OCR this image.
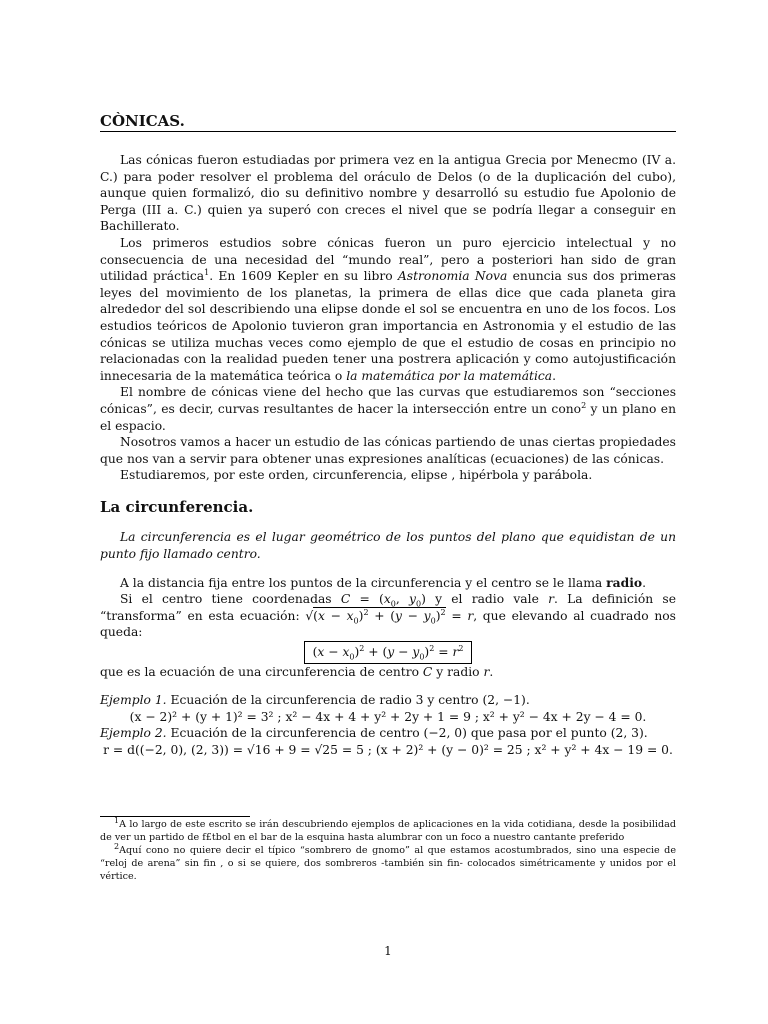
CÒNICAS.

Las cónicas fueron estudiadas por primera vez en la antigua Grecia por Menecmo (IV a. C.) para poder resolver el problema del oráculo de Delos (o de la duplicación del cubo), aunque quien formalizó, dio su definitivo nombre y desarrolló su estudio fue Apolonio de Perga (III a. C.) quien ya superó con creces el nivel que se podría llegar a conseguir en Bachillerato.

Los primeros estudios sobre cónicas fueron un puro ejercicio intelectual y no consecuencia de una necesidad del “mundo real”, pero a posteriori han sido de gran utilidad práctica$^1$. En 1609 Kepler en su libro Astronomia Nova enuncia sus dos primeras leyes del movimiento de los planetas, la primera de ellas dice que cada planeta gira alrededor del sol describiendo una elipse donde el sol se encuentra en uno de los focos. Los estudios teóricos de Apolonio tuvieron gran importancia en Astronomia y el estudio de las cónicas se utiliza muchas veces como ejemplo de que el estudio de cosas en principio no relacionadas con la realidad pueden tener una postrera aplicación y como autojustificación innecesaria de la matemática teórica o la matemática por la matemática.

El nombre de cónicas viene del hecho que las curvas que estudiaremos son “secciones cónicas”, es decir, curvas resultantes de hacer la intersección entre un cono$^2$ y un plano en el espacio.

Nosotros vamos a hacer un estudio de las cónicas partiendo de unas ciertas propiedades que nos van a servir para obtener unas expresiones analíticas (ecuaciones) de las cónicas.

Estudiaremos, por este orden, circunferencia, elipse , hipérbola y parábola.

La circunferencia.

La circunferencia es el lugar geométrico de los puntos del plano que equidistan de un punto fijo llamado centro.

A la distancia fija entre los puntos de la circunferencia y el centro se le llama radio.

Si el centro tiene coordenadas $C = (x_0$, $y_0$) y el radio vale r. La definición se “transforma” en esta ecuación: $√(x - x_0)^2 + (y - y_0)^2 = r$, que elevando al cuadrado nos queda:

$(x - x_0)^2 + (y - y_0)^2 = r^2$

que es la ecuación de una circunferencia de centro C y radio r.

Ejemplo 1. Ecuación de la circunferencia de radio 3 y centro (2, −1).

(x − 2)² + (y + 1)² = 3² ; x² − 4x + 4 + y² + 2y + 1 = 9 ; x² + y² − 4x + 2y − 4 = 0.

Ejemplo 2. Ecuación de la circunferencia de centro (−2, 0) que pasa por el punto (2, 3).

r = d((−2, 0), (2, 3)) = √16 + 9 = √25 = 5 ; (x + 2)² + (y − 0)² = 25 ; x² + y² + 4x − 19 = 0.

$^1$A lo largo de este escrito se irán descubriendo ejemplos de aplicaciones en la vida cotidiana, desde la posibilidad de ver un partido de f£tbol en el bar de la esquina hasta alumbrar con un foco a nuestro cantante preferido

$^2$Aquí cono no quiere decir el típico “sombrero de gnomo” al que estamos acostumbrados, sino una especie de “reloj de arena” sin fin , o si se quiere, dos sombreros -también sin fin- colocados simétricamente y unidos por el vértice.

1
